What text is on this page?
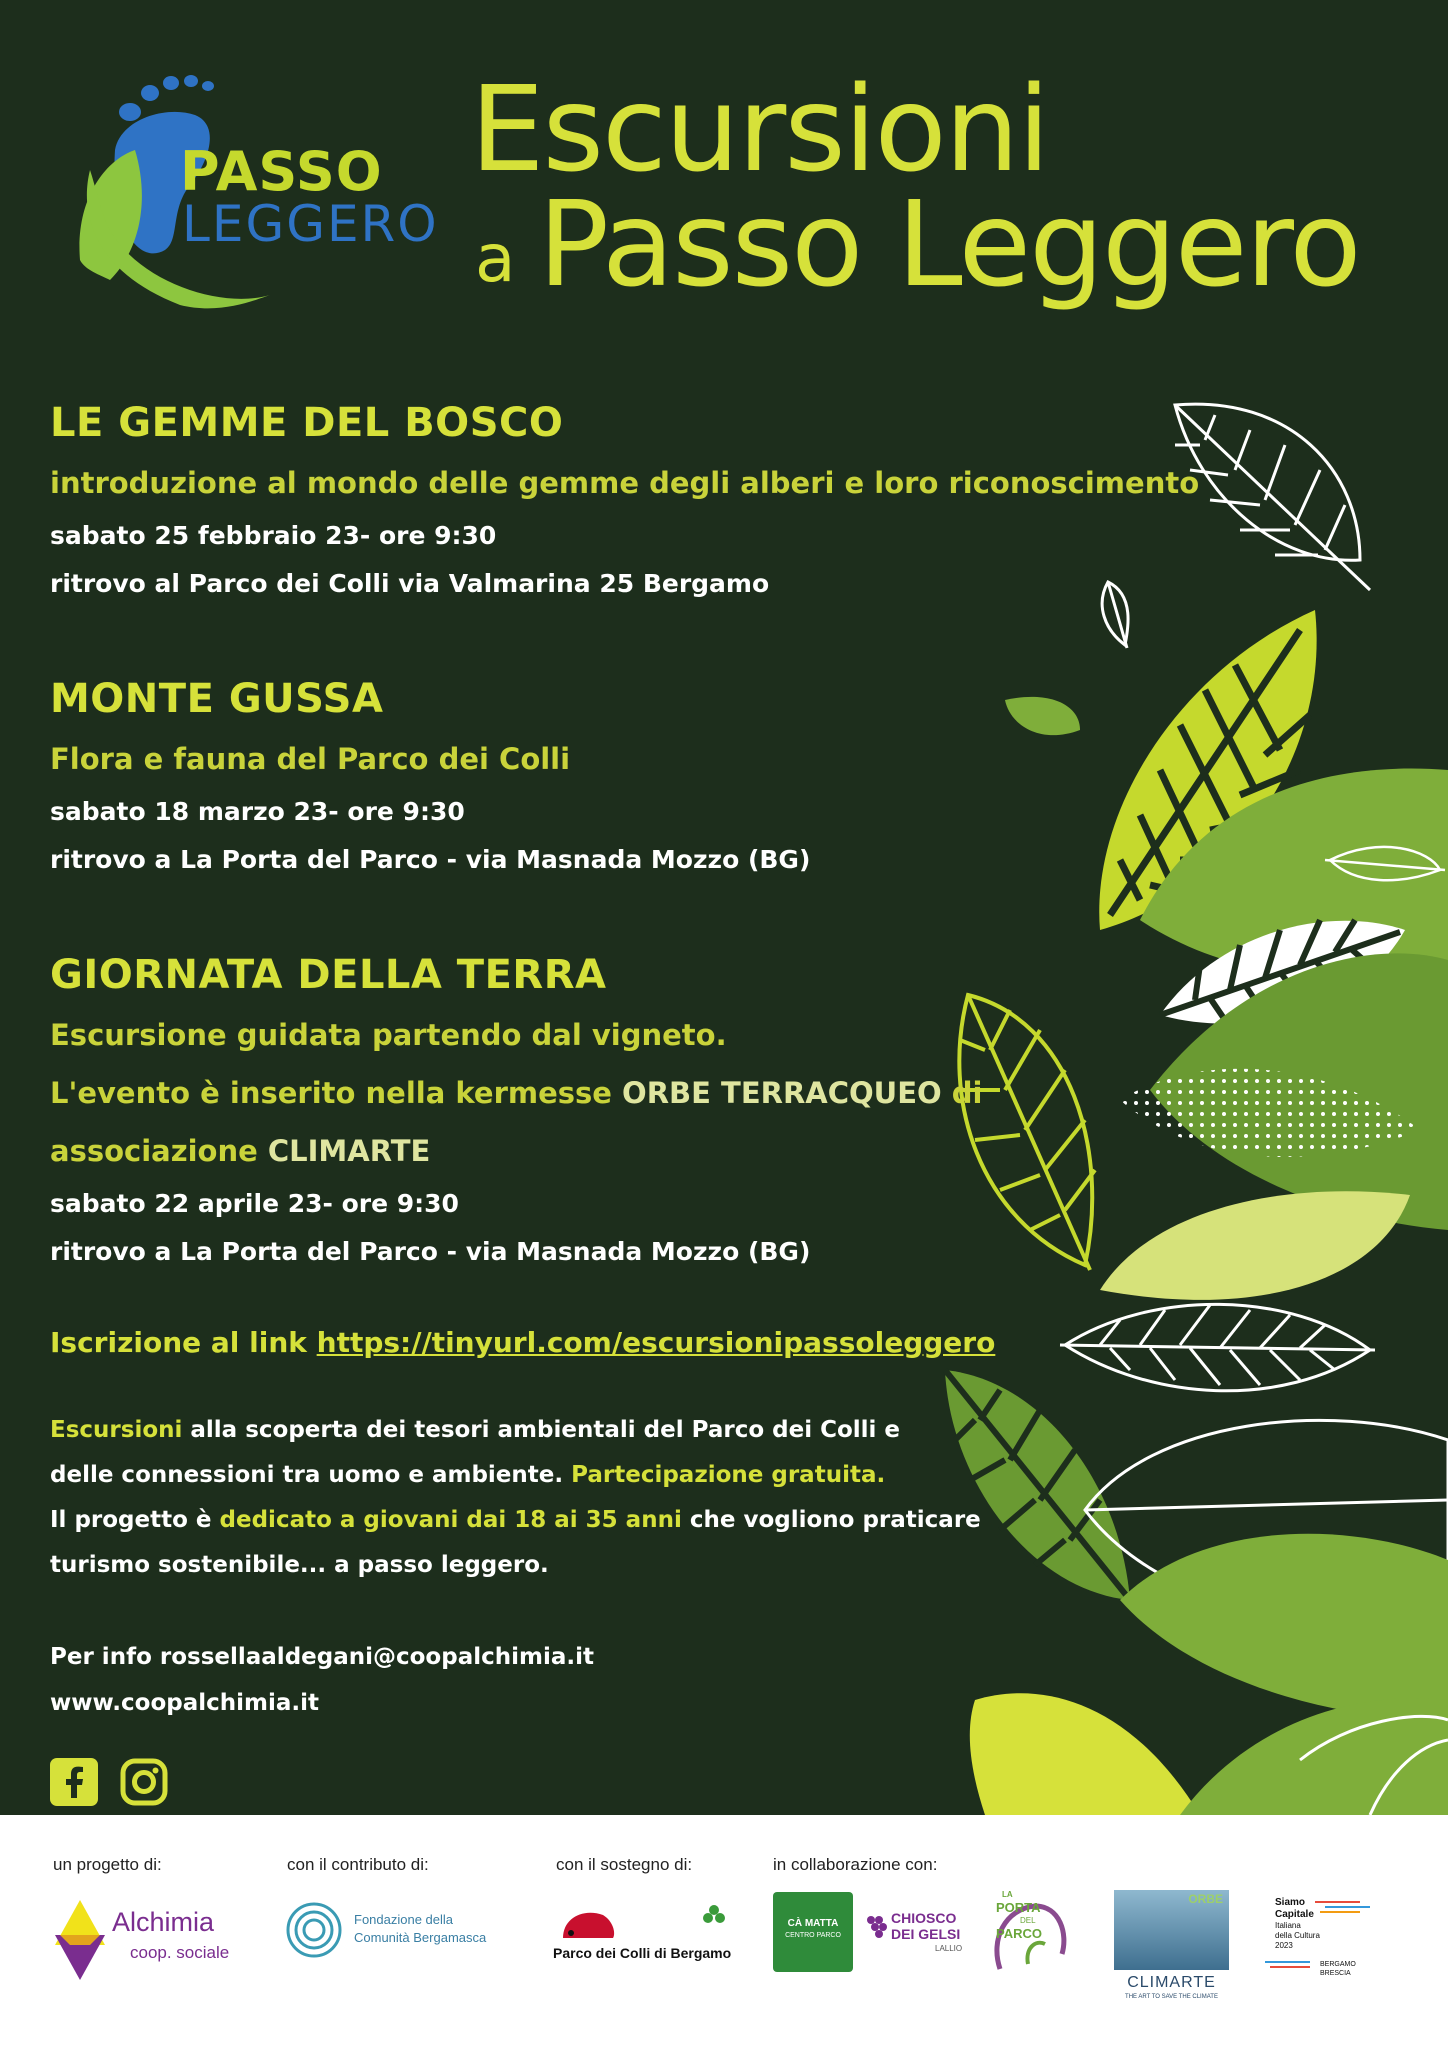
PASSO
LEGGERO
Escursioni
a Passo Leggero
LE GEMME DEL BOSCO
introduzione al mondo delle gemme degli alberi e loro riconoscimento
sabato 25 febbraio 23- ore 9:30
ritrovo al Parco dei Colli via Valmarina 25 Bergamo
MONTE GUSSA
Flora e fauna del Parco dei Colli
sabato 18 marzo 23- ore 9:30
ritrovo a La Porta del Parco - via Masnada Mozzo (BG)
GIORNATA DELLA TERRA
Escursione guidata partendo dal vigneto.
L'evento è inserito nella kermesse ORBE TERRACQUEO di
associazione CLIMARTE
sabato 22 aprile 23- ore 9:30
ritrovo a La Porta del Parco - via Masnada Mozzo (BG)
Iscrizione al link https://tinyurl.com/escursionipassoleggero
Escursioni alla scoperta dei tesori ambientali del Parco dei Colli e
delle connessioni tra uomo e ambiente. Partecipazione gratuita.
Il progetto è dedicato a giovani dai 18 ai 35 anni che vogliono praticare
turismo sostenibile... a passo leggero.
Per info rossellaaldegani@coopalchimia.it
www.coopalchimia.it
un progetto di:	con il contributo di:	con il sostegno di:	in collaborazione con:
Alchimia
coop. sociale
Fondazione della
Comunità Bergamasca
Parco dei Colli di Bergamo
CÀ MATTA
CENTRO PARCO
CHIOSCO
DEI GELSI
LALLIO
LA
PORTA
DEL
PARCO
ORBE
CLIMARTE
THE ART TO SAVE THE CLIMATE
Siamo
Capitale
Italiana
della Cultura
2023
BERGAMO
BRESCIA
